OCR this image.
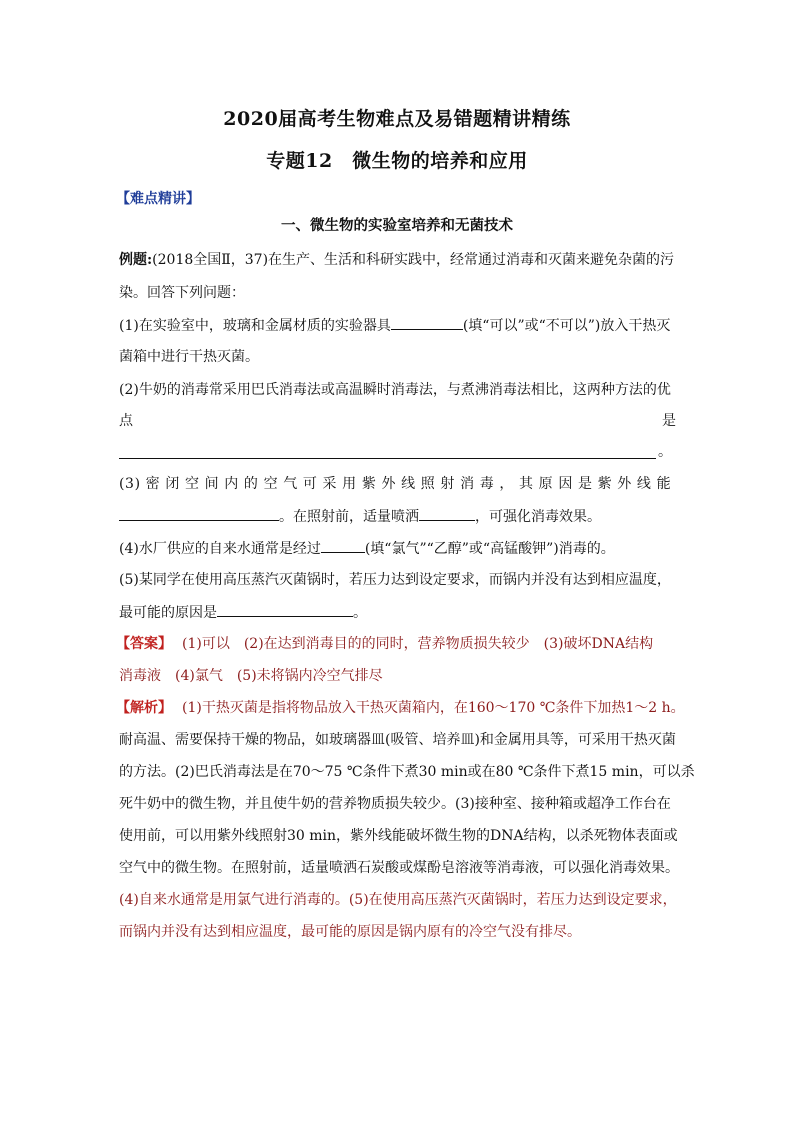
2020届高考生物难点及易错题精讲精练
专题12　微生物的培养和应用
【难点精讲】
一、微生物的实验室培养和无菌技术
例题:(2018全国Ⅱ，37)在生产、生活和科研实践中，经常通过消毒和灭菌来避免杂菌的污
染。回答下列问题：
(1)在实验室中，玻璃和金属材质的实验器具	(填“可以”或“不可以”)放入干热灭
菌箱中进行干热灭菌。
(2)牛奶的消毒常采用巴氏消毒法或高温瞬时消毒法，与煮沸消毒法相比，这两种方法的优
点	是
。
(3) 密 闭 空 间 内 的 空 气 可 采 用 紫 外 线 照 射 消 毒 ， 其 原 因 是 紫 外 线 能
。在照射前，适量喷洒	，可强化消毒效果。
(4)水厂供应的自来水通常是经过	(填“氯气”“乙醇”或“高锰酸钾”)消毒的。
(5)某同学在使用高压蒸汽灭菌锅时，若压力达到设定要求，而锅内并没有达到相应温度，
最可能的原因是	。
【答案】 (1)可以　(2)在达到消毒目的的同时，营养物质损失较少　(3)破坏DNA结构
消毒液　(4)氯气　(5)未将锅内冷空气排尽
【解析】 (1)干热灭菌是指将物品放入干热灭菌箱内，在160～170 ℃条件下加热1～2 h。
耐高温、需要保持干燥的物品，如玻璃器皿(吸管、培养皿)和金属用具等，可采用干热灭菌
的方法。(2)巴氏消毒法是在70～75 ℃条件下煮30 min或在80 ℃条件下煮15 min，可以杀
死牛奶中的微生物，并且使牛奶的营养物质损失较少。(3)接种室、接种箱或超净工作台在
使用前，可以用紫外线照射30 min，紫外线能破坏微生物的DNA结构，以杀死物体表面或
空气中的微生物。在照射前，适量喷洒石炭酸或煤酚皂溶液等消毒液，可以强化消毒效果。
(4)自来水通常是用氯气进行消毒的。(5)在使用高压蒸汽灭菌锅时，若压力达到设定要求，
而锅内并没有达到相应温度，最可能的原因是锅内原有的冷空气没有排尽。
